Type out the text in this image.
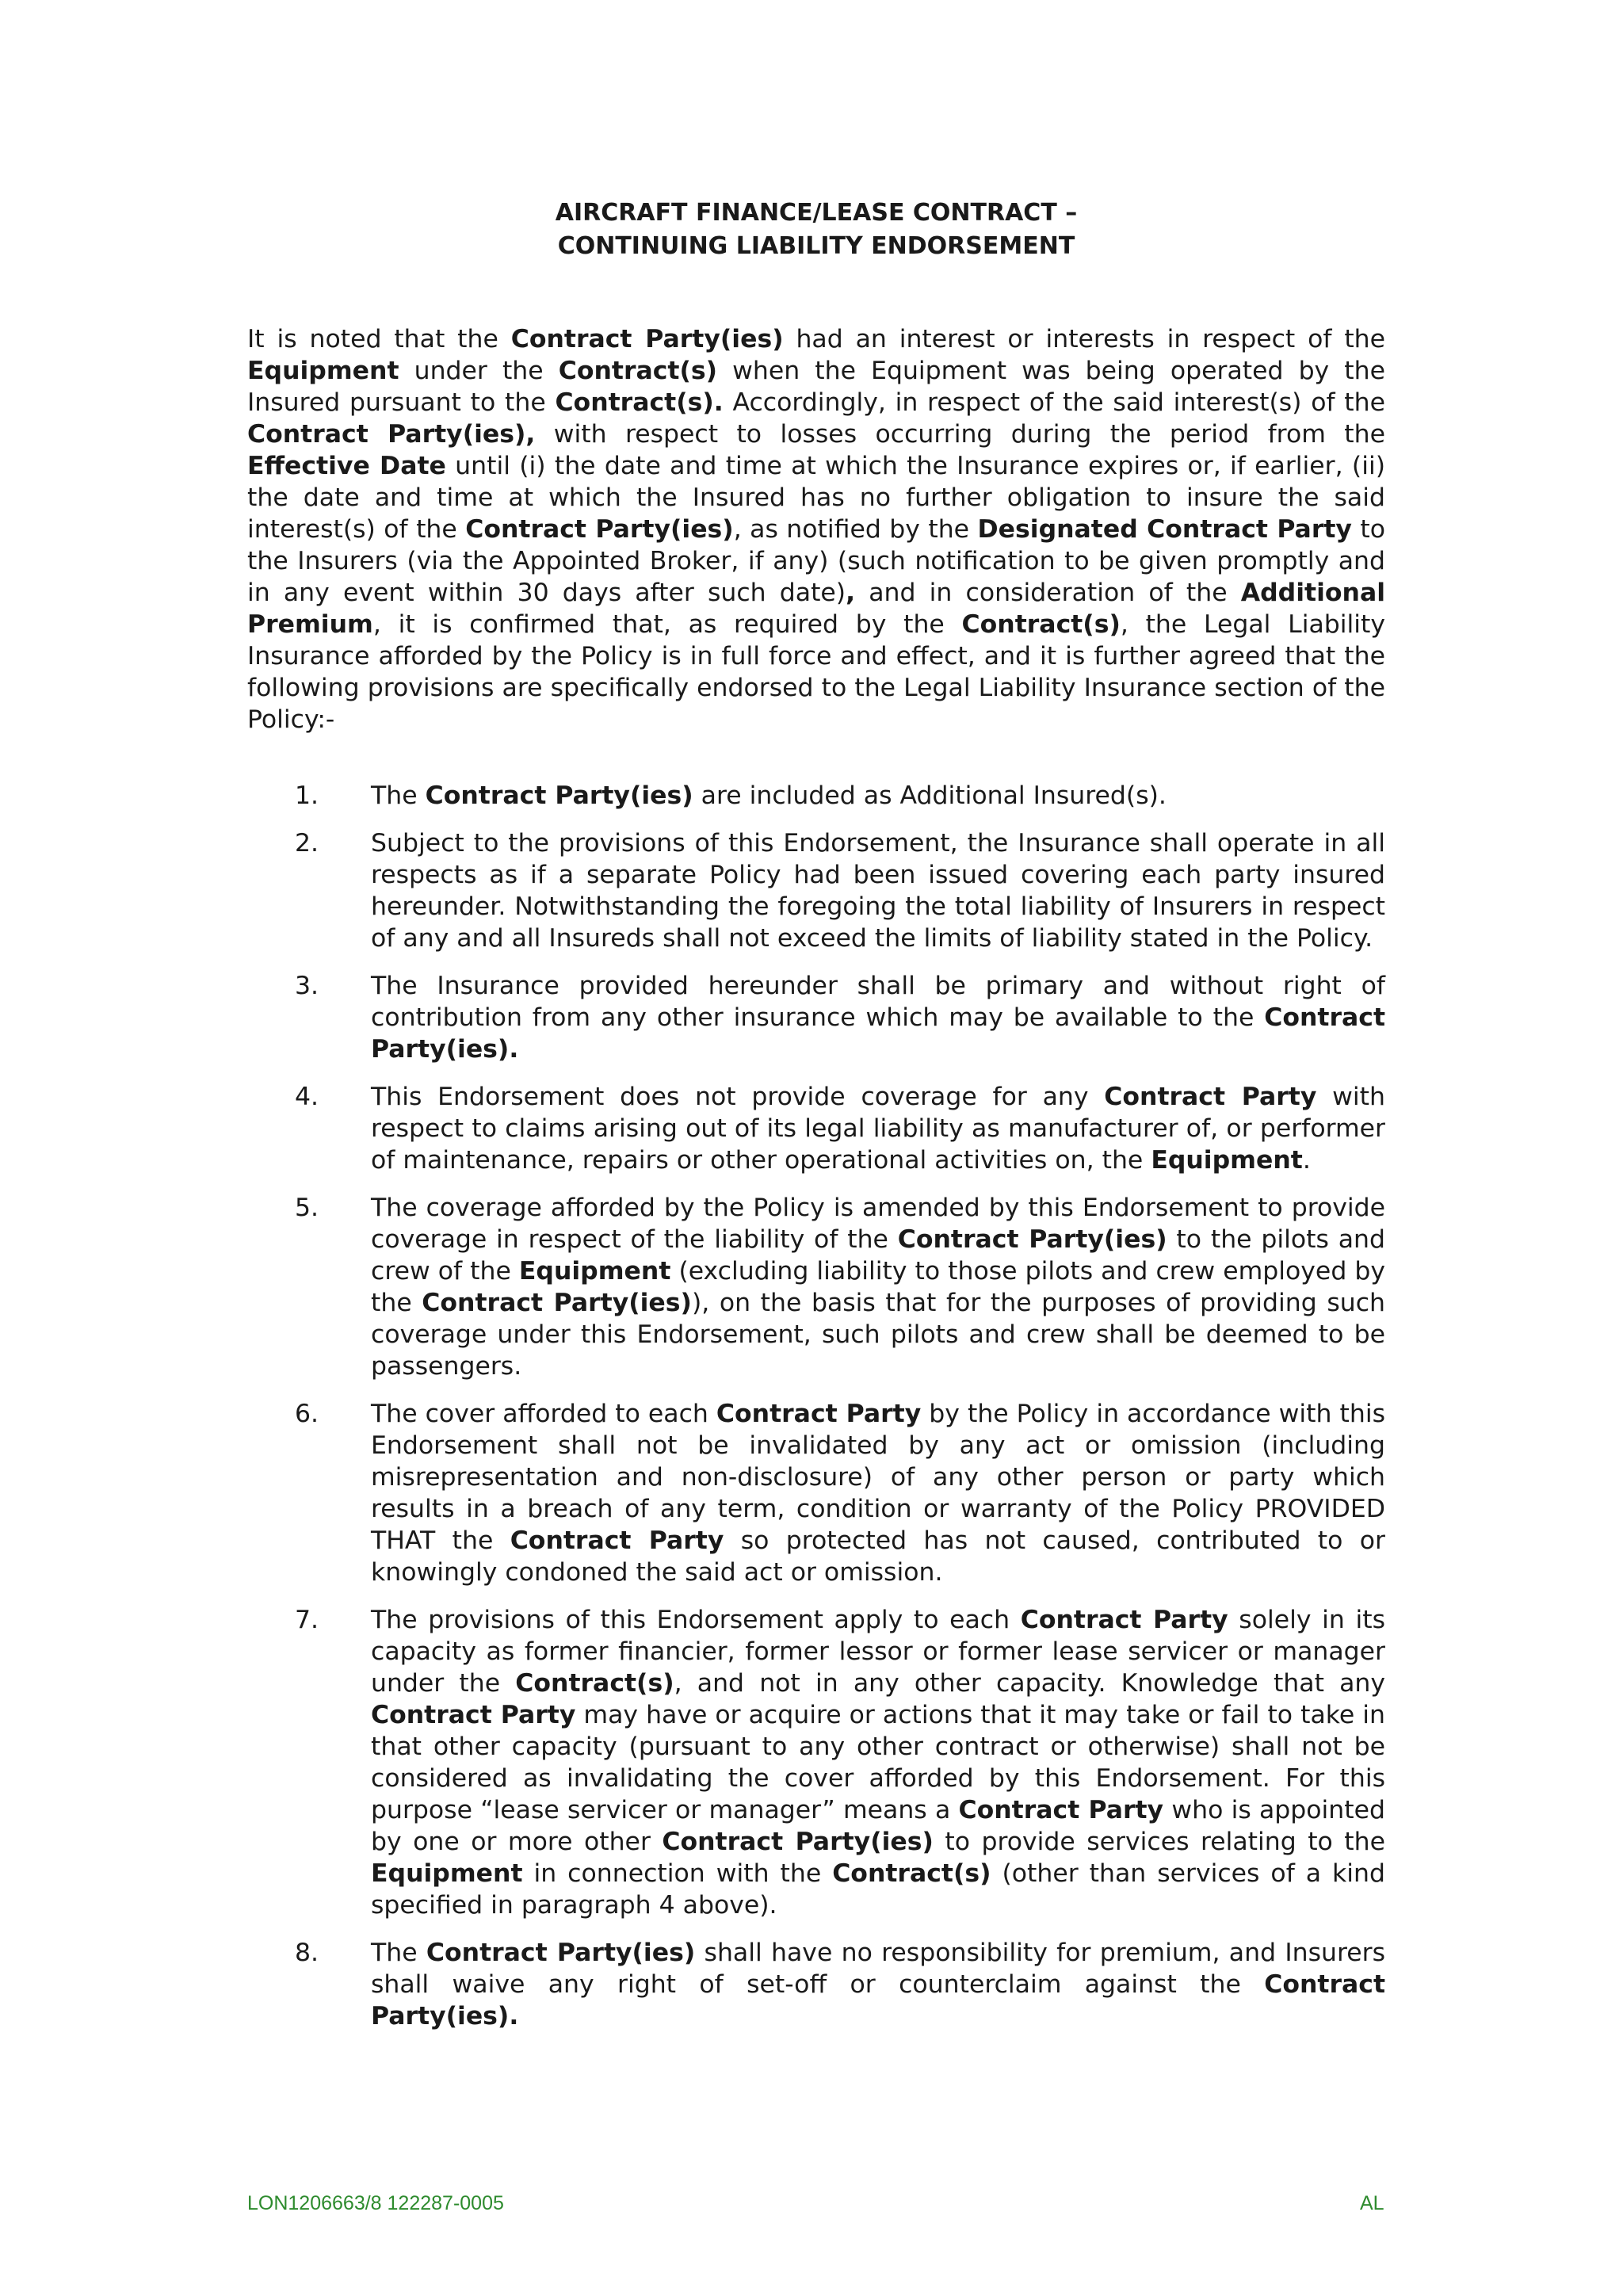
AIRCRAFT FINANCE/LEASE CONTRACT –
CONTINUING LIABILITY ENDORSEMENT

It is noted that the Contract Party(ies) had an interest or interests in respect of the Equipment under the Contract(s) when the Equipment was being operated by the Insured pursuant to the Contract(s). Accordingly, in respect of the said interest(s) of the Contract Party(ies), with respect to losses occurring during the period from the Effective Date until (i) the date and time at which the Insurance expires or, if earlier, (ii) the date and time at which the Insured has no further obligation to insure the said interest(s) of the Contract Party(ies), as notified by the Designated Contract Party to the Insurers (via the Appointed Broker, if any) (such notification to be given promptly and in any event within 30 days after such date), and in consideration of the Additional Premium, it is confirmed that, as required by the Contract(s), the Legal Liability Insurance afforded by the Policy is in full force and effect, and it is further agreed that the following provisions are specifically endorsed to the Legal Liability Insurance section of the Policy:-

1.	The Contract Party(ies) are included as Additional Insured(s).
2.	Subject to the provisions of this Endorsement, the Insurance shall operate in all respects as if a separate Policy had been issued covering each party insured hereunder. Notwithstanding the foregoing the total liability of Insurers in respect of any and all Insureds shall not exceed the limits of liability stated in the Policy.
3.	The Insurance provided hereunder shall be primary and without right of contribution from any other insurance which may be available to the Contract Party(ies).
4.	This Endorsement does not provide coverage for any Contract Party with respect to claims arising out of its legal liability as manufacturer of, or performer of maintenance, repairs or other operational activities on, the Equipment.
5.	The coverage afforded by the Policy is amended by this Endorsement to provide coverage in respect of the liability of the Contract Party(ies) to the pilots and crew of the Equipment (excluding liability to those pilots and crew employed by the Contract Party(ies)), on the basis that for the purposes of providing such coverage under this Endorsement, such pilots and crew shall be deemed to be passengers.
6.	The cover afforded to each Contract Party by the Policy in accordance with this Endorsement shall not be invalidated by any act or omission (including misrepresentation and non-disclosure) of any other person or party which results in a breach of any term, condition or warranty of the Policy PROVIDED THAT the Contract Party so protected has not caused, contributed to or knowingly condoned the said act or omission.
7.	The provisions of this Endorsement apply to each Contract Party solely in its capacity as former financier, former lessor or former lease servicer or manager under the Contract(s), and not in any other capacity. Knowledge that any Contract Party may have or acquire or actions that it may take or fail to take in that other capacity (pursuant to any other contract or otherwise) shall not be considered as invalidating the cover afforded by this Endorsement. For this purpose “lease servicer or manager” means a Contract Party who is appointed by one or more other Contract Party(ies) to provide services relating to the Equipment in connection with the Contract(s) (other than services of a kind specified in paragraph 4 above).
8.	The Contract Party(ies) shall have no responsibility for premium, and Insurers shall waive any right of set-off or counterclaim against the Contract Party(ies).
LON1206663/8 122287-0005	AL
